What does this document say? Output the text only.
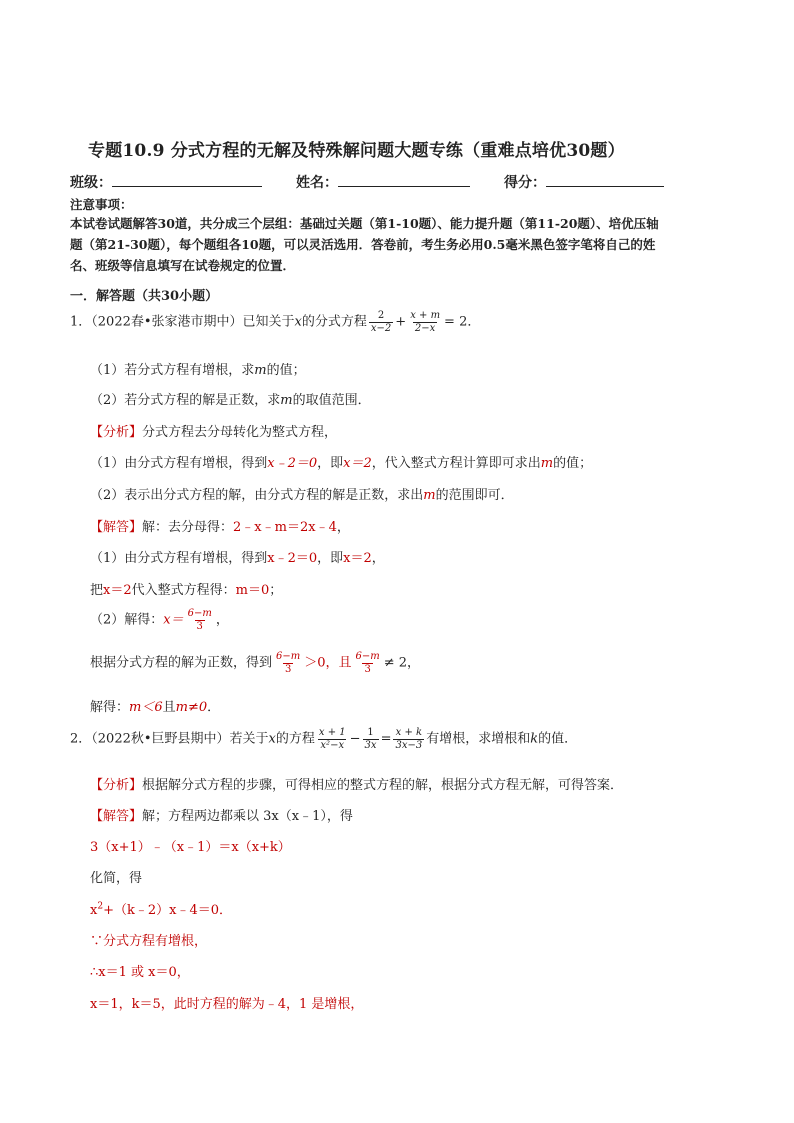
专题10.9 分式方程的无解及特殊解问题大题专练（重难点培优30题）
班级：	姓名：	得分：
注意事项：
本试卷试题解答30道，共分成三个层组：基础过关题（第1-10题）、能力提升题（第11-20题）、培优压轴
题（第21-30题），每个题组各10题，可以灵活选用．答卷前，考生务必用0.5毫米黑色签字笔将自己的姓
名、班级等信息填写在试卷规定的位置．
一．解答题（共30小题）
1．（2022春•张家港市期中）已知关于x的分式方程 $\frac{2}{x-2} + \frac{x + m}{2-x} = 2$．
（1）若分式方程有增根，求m的值；
（2）若分式方程的解是正数，求m的取值范围．
【分析】分式方程去分母转化为整式方程，
（1）由分式方程有增根，得到x﹣2＝0，即x＝2，代入整式方程计算即可求出m的值；
（2）表示出分式方程的解，由分式方程的解是正数，求出m的范围即可．
【解答】解：去分母得：2﹣x﹣m＝2x﹣4，
（1）由分式方程有增根，得到x﹣2＝0，即x＝2，
把x＝2代入整式方程得：m＝0；
（2）解得：$x= \frac{6-m}{3}$ ，
根据分式方程的解为正数，得到 $\frac{6-m}{3} >0$，且 $\frac{6-m}{3} \ne 2$，
解得：m＜6且m≠0．
2．（2022秋•巨野县期中）若关于x的方程 $\frac{x + 1}{\text{x²−x}} - \frac{1}{3x} = \frac{x + k}{3x-3}$ 有增根，求增根和k的值．
【分析】根据解分式方程的步骤，可得相应的整式方程的解，根据分式方程无解，可得答案．
【解答】解；方程两边都乘以 3x（x﹣1），得
3（x+1）﹣（x﹣1）＝x（x+k）
化简，得
$x^2+(k﹣2)x﹣4=0$．
∵分式方程有增根，
∴x＝1 或 x＝0，
x＝1，k＝5，此时方程的解为﹣4，1 是增根，
